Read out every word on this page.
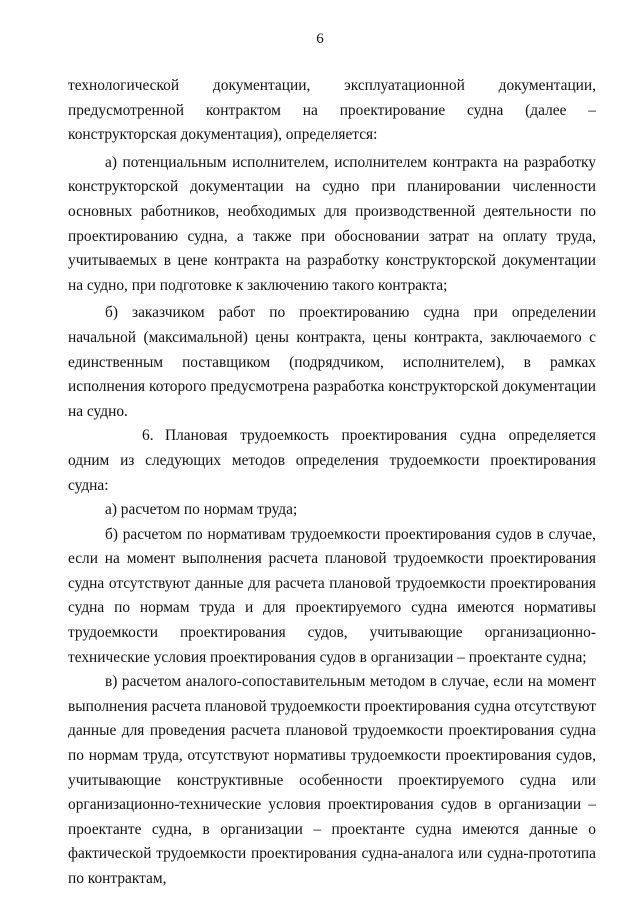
6

технологической документации, эксплуатационной документации, предусмотренной контрактом на проектирование судна (далее – конструкторская документация), определяется:

а) потенциальным исполнителем, исполнителем контракта на разработку конструкторской документации на судно при планировании численности основных работников, необходимых для производственной деятельности по проектированию судна, а также при обосновании затрат на оплату труда, учитываемых в цене контракта на разработку конструкторской документации на судно, при подготовке к заключению такого контракта;

б) заказчиком работ по проектированию судна при определении начальной (максимальной) цены контракта, цены контракта, заключаемого с единственным поставщиком (подрядчиком, исполнителем), в рамках исполнения которого предусмотрена разработка конструкторской документации на судно.

6. Плановая трудоемкость проектирования судна определяется одним из следующих методов определения трудоемкости проектирования судна:

а) расчетом по нормам труда;

б) расчетом по нормативам трудоемкости проектирования судов в случае, если на момент выполнения расчета плановой трудоемкости проектирования судна отсутствуют данные для расчета плановой трудоемкости проектирования судна по нормам труда и для проектируемого судна имеются нормативы трудоемкости проектирования судов, учитывающие организационно-технические условия проектирования судов в организации – проектанте судна;

в) расчетом аналого-сопоставительным методом в случае, если на момент выполнения расчета плановой трудоемкости проектирования судна отсутствуют данные для проведения расчета плановой трудоемкости проектирования судна по нормам труда, отсутствуют нормативы трудоемкости проектирования судов, учитывающие конструктивные особенности проектируемого судна или организационно-технические условия проектирования судов в организации – проектанте судна, в организации – проектанте судна имеются данные о фактической трудоемкости проектирования судна-аналога или судна-прототипа по контрактам,
